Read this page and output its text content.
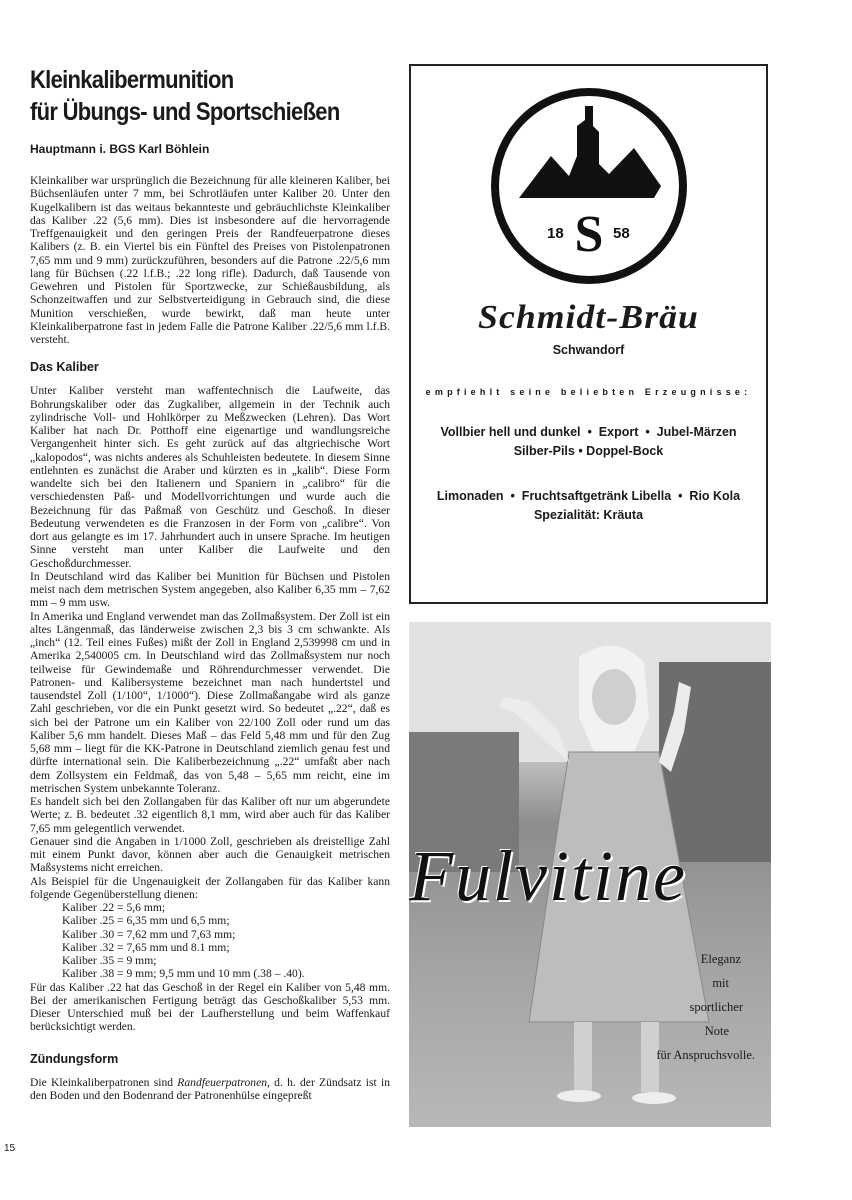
Kleinkalibermunition
für Übungs- und Sportschießen
Hauptmann i. BGS Karl Böhlein

Kleinkaliber war ursprünglich die Bezeichnung für alle kleineren Kaliber, bei Büchsenläufen unter 7 mm, bei Schrotläufen unter Kaliber 20. Unter den Kugelkalibern ist das weitaus bekannteste und gebräuchlichste Kleinkaliber das Kaliber .22 (5,6 mm). Dies ist insbesondere auf die hervorragende Treffgenauigkeit und den geringen Preis der Randfeuerpatrone dieses Kalibers (z. B. ein Viertel bis ein Fünftel des Preises von Pistolenpatronen 7,65 mm und 9 mm) zurückzuführen, besonders auf die Patrone .22/5,6 mm lang für Büchsen (.22 l.f.B.; .22 long rifle). Dadurch, daß Tausende von Gewehren und Pistolen für Sportzwecke, zur Schießausbildung, als Schonzeitwaffen und zur Selbstverteidigung in Gebrauch sind, die diese Munition verschießen, wurde bewirkt, daß man heute unter Kleinkaliberpatrone fast in jedem Falle die Patrone Kaliber .22/5,6 mm l.f.B. versteht.

Das Kaliber

Unter Kaliber versteht man waffentechnisch die Laufweite, das Bohrungskaliber oder das Zugkaliber, allgemein in der Technik auch zylindrische Voll- und Hohlkörper zu Meßzwecken (Lehren). Das Wort Kaliber hat nach Dr. Potthoff eine eigenartige und wandlungsreiche Vergangenheit hinter sich. Es geht zurück auf das altgriechische Wort „kalopodos“, was nichts anderes als Schuhleisten bedeutete. In diesem Sinne entlehnten es zunächst die Araber und kürzten es in „kalib“. Diese Form wandelte sich bei den Italienern und Spaniern in „calibro“ für die verschiedensten Paß- und Modellvorrichtungen und wurde auch die Bezeichnung für das Paßmaß von Geschütz und Geschoß. In dieser Bedeutung verwendeten es die Franzosen in der Form von „calibre“. Von dort aus gelangte es im 17. Jahrhundert auch in unsere Sprache. Im heutigen Sinne versteht man unter Kaliber die Laufweite und den Geschoßdurchmesser.

In Deutschland wird das Kaliber bei Munition für Büchsen und Pistolen meist nach dem metrischen System angegeben, also Kaliber 6,35 mm – 7,62 mm – 9 mm usw.

In Amerika und England verwendet man das Zollmaßsystem. Der Zoll ist ein altes Längenmaß, das länderweise zwischen 2,3 bis 3 cm schwankte. Als „inch“ (12. Teil eines Fußes) mißt der Zoll in England 2,539998 cm und in Amerika 2,540005 cm. In Deutschland wird das Zollmaßsystem nur noch teilweise für Gewindemaße und Röhrendurchmesser verwendet. Die Patronen- und Kalibersysteme bezeichnet man nach hundertstel und tausendstel Zoll (1/100“, 1/1000“). Diese Zollmaßangabe wird als ganze Zahl geschrieben, vor die ein Punkt gesetzt wird. So bedeutet „.22“, daß es sich bei der Patrone um ein Kaliber von 22/100 Zoll oder rund um das Kaliber 5,6 mm handelt. Dieses Maß – das Feld 5,48 mm und für den Zug 5,68 mm – liegt für die KK-Patrone in Deutschland ziemlich genau fest und dürfte international sein. Die Kaliberbezeichnung „.22“ umfaßt aber nach dem Zollsystem ein Feldmaß, das von 5,48 – 5,65 mm reicht, eine im metrischen System unbekannte Toleranz.

Es handelt sich bei den Zollangaben für das Kaliber oft nur um abgerundete Werte; z. B. bedeutet .32 eigentlich 8,1 mm, wird aber auch für das Kaliber 7,65 mm gelegentlich verwendet.

Genauer sind die Angaben in 1/1000 Zoll, geschrieben als dreistellige Zahl mit einem Punkt davor, können aber auch die Genauigkeit metrischen Maßsystems nicht erreichen.

Als Beispiel für die Ungenauigkeit der Zollangaben für das Kaliber kann folgende Gegenüberstellung dienen:

Kaliber .22 = 5,6 mm;

Kaliber .25 = 6,35 mm und 6,5 mm;

Kaliber .30 = 7,62 mm und 7,63 mm;

Kaliber .32 = 7,65 mm und 8.1 mm;

Kaliber .35 = 9 mm;

Kaliber .38 = 9 mm; 9,5 mm und 10 mm (.38 – .40).

Für das Kaliber .22 hat das Geschoß in der Regel ein Kaliber von 5,48 mm. Bei der amerikanischen Fertigung beträgt das Geschoßkaliber 5,53 mm. Dieser Unterschied muß bei der Laufherstellung und beim Waffenkauf berücksichtigt werden.

Zündungsform

Die Kleinkaliberpatronen sind Randfeuerpatronen, d. h. der Zündsatz ist in den Boden und den Bodenrand der Patronenhülse eingepreßt

15
18 S 58
Schmidt-Bräu
Schwandorf
empfiehlt seine beliebten Erzeugnisse:
Vollbier hell und dunkel  •  Export  •  Jubel-Märzen
Silber-Pils • Doppel-Bock
Limonaden  •  Fruchtsaftgetränk Libella  •  Rio Kola
Spezialität: Kräuta
Fulvitine
Eleganz
mit
sportlicher
Note
für Anspruchsvolle.
